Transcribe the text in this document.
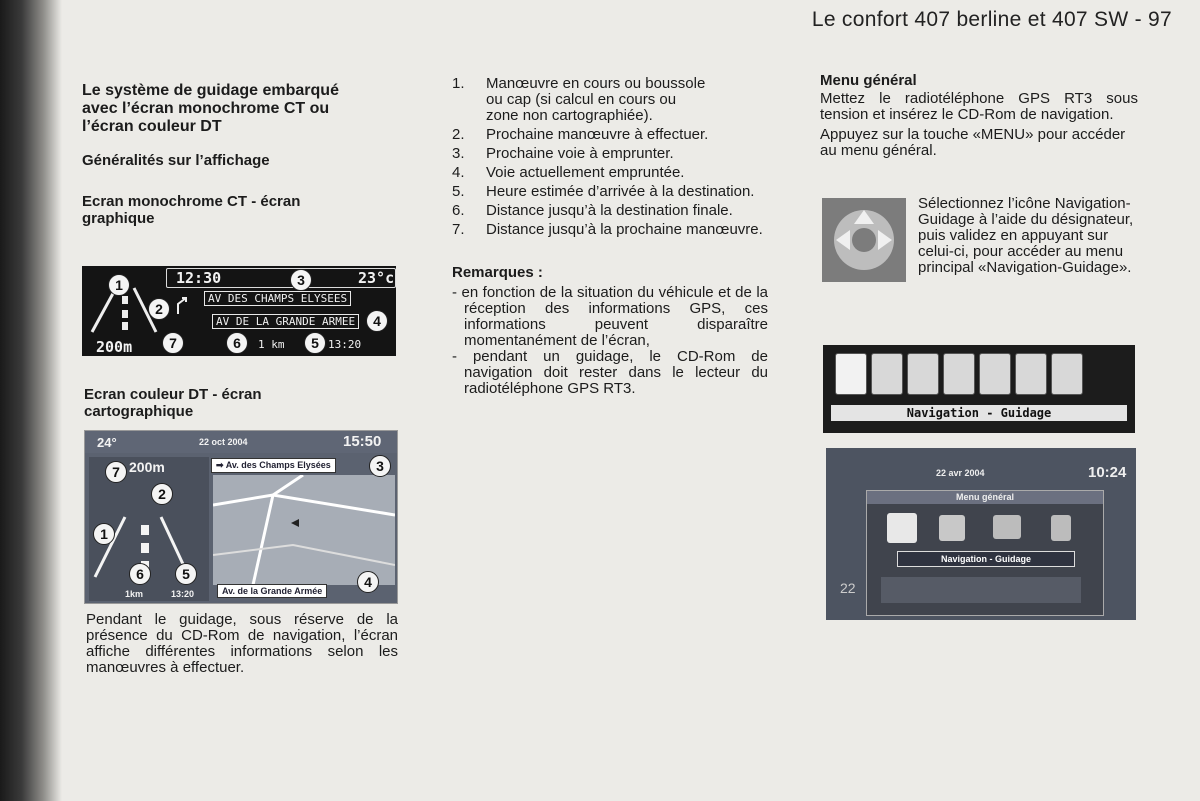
Le confort 407 berline et 407 SW - 97
Le système de guidage embarqué avec l’écran monochrome CT ou l’écran couleur DT
Généralités sur l’affichage
Ecran monochrome CT - écran graphique
12:30	23°c
AV DES CHAMPS ELYSEES
AV DE LA GRANDE ARMEE
200m	1 km	13:20
1
2
3
4
5
6
7
Ecran couleur DT - écran cartographique
24°	22 oct 2004	15:50
200m	➡ Av. des Champs Elysées
Av. de la Grande Armée
1km	13:20
7
2
1
6	5
3
4

Pendant le guidage, sous réserve de la présence du CD-Rom de navigation, l’écran affiche différentes informations selon les manœuvres à effectuer.

1. Manœuvre en cours ou boussole ou cap (si calcul en cours ou zone non cartographiée).
2. Prochaine manœuvre à effectuer.
3. Prochaine voie à emprunter.
4. Voie actuellement empruntée.
5. Heure estimée d’arrivée à la destination.
6. Distance jusqu’à la destination finale.
7. Distance jusqu’à la prochaine manœuvre.
Remarques :

- en fonction de la situation du véhicule et de la réception des informations GPS, ces informations peuvent disparaître momentanément de l’écran,

- pendant un guidage, le CD-Rom de navigation doit rester dans le lecteur du radiotéléphone GPS RT3.

Menu général

Mettez le radiotéléphone GPS RT3 sous tension et insérez le CD-Rom de navigation.

Appuyez sur la touche «MENU» pour accéder au menu général.

Sélectionnez l’icône Navigation-Guidage à l’aide du désignateur, puis validez en appuyant sur celui-ci, pour accéder au menu principal «Navigation-Guidage».

Navigation - Guidage
22 avr 2004	10:24
22
Menu général
Navigation - Guidage
